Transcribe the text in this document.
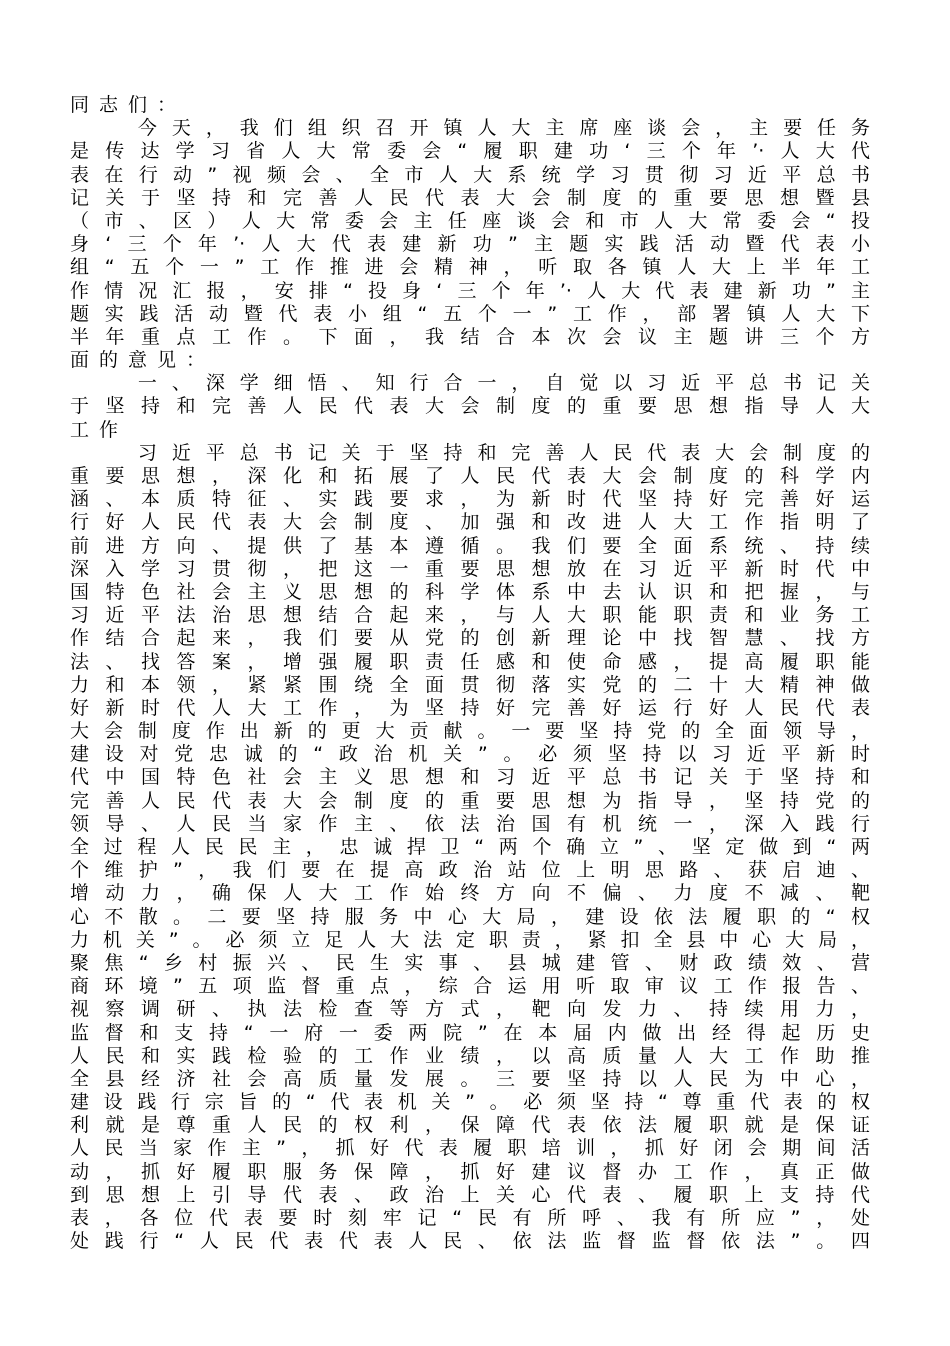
同志们：
　　今天，我们组织召开镇人大主席座谈会，主要任务
是传达学习省人大常委会“履职建功‘三个年’·人大代
表在行动”视频会、全市人大系统学习贯彻习近平总书
记关于坚持和完善人民代表大会制度的重要思想暨县
（市、区）人大常委会主任座谈会和市人大常委会“投
身‘三个年’·人大代表建新功”主题实践活动暨代表小
组“五个一”工作推进会精神，听取各镇人大上半年工
作情况汇报，安排“投身‘三个年’·人大代表建新功”主
题实践活动暨代表小组“五个一”工作，部署镇人大下
半年重点工作。下面，我结合本次会议主题讲三个方
面的意见：
　　一、深学细悟、知行合一，自觉以习近平总书记关
于坚持和完善人民代表大会制度的重要思想指导人大
工作
　　习近平总书记关于坚持和完善人民代表大会制度的
重要思想，深化和拓展了人民代表大会制度的科学内
涵、本质特征、实践要求，为新时代坚持好完善好运
行好人民代表大会制度、加强和改进人大工作指明了
前进方向、提供了基本遵循。我们要全面系统、持续
深入学习贯彻，把这一重要思想放在习近平新时代中
国特色社会主义思想的科学体系中去认识和把握，与
习近平法治思想结合起来，与人大职能职责和业务工
作结合起来，我们要从党的创新理论中找智慧、找方
法、找答案，增强履职责任感和使命感，提高履职能
力和本领，紧紧围绕全面贯彻落实党的二十大精神做
好新时代人大工作，为坚持好完善好运行好人民代表
大会制度作出新的更大贡献。一要坚持党的全面领导，
建设对党忠诚的“政治机关”。必须坚持以习近平新时
代中国特色社会主义思想和习近平总书记关于坚持和
完善人民代表大会制度的重要思想为指导，坚持党的
领导、人民当家作主、依法治国有机统一，深入践行
全过程人民民主，忠诚捍卫“两个确立”、坚定做到“两
个维护”，我们要在提高政治站位上明思路、获启迪、
增动力，确保人大工作始终方向不偏、力度不减、靶
心不散。二要坚持服务中心大局，建设依法履职的“权
力机关”。必须立足人大法定职责，紧扣全县中心大局，
聚焦“乡村振兴、民生实事、县城建管、财政绩效、营
商环境”五项监督重点，综合运用听取审议工作报告、
视察调研、执法检查等方式，靶向发力、持续用力，
监督和支持“一府一委两院”在本届内做出经得起历史
人民和实践检验的工作业绩，以高质量人大工作助推
全县经济社会高质量发展。三要坚持以人民为中心，
建设践行宗旨的“代表机关”。必须坚持“尊重代表的权
利就是尊重人民的权利，保障代表依法履职就是保证
人民当家作主”，抓好代表履职培训，抓好闭会期间活
动，抓好履职服务保障，抓好建议督办工作，真正做
到思想上引导代表、政治上关心代表、履职上支持代
表，各位代表要时刻牢记“民有所呼、我有所应”，处
处践行“人民代表代表人民、依法监督监督依法”。四
